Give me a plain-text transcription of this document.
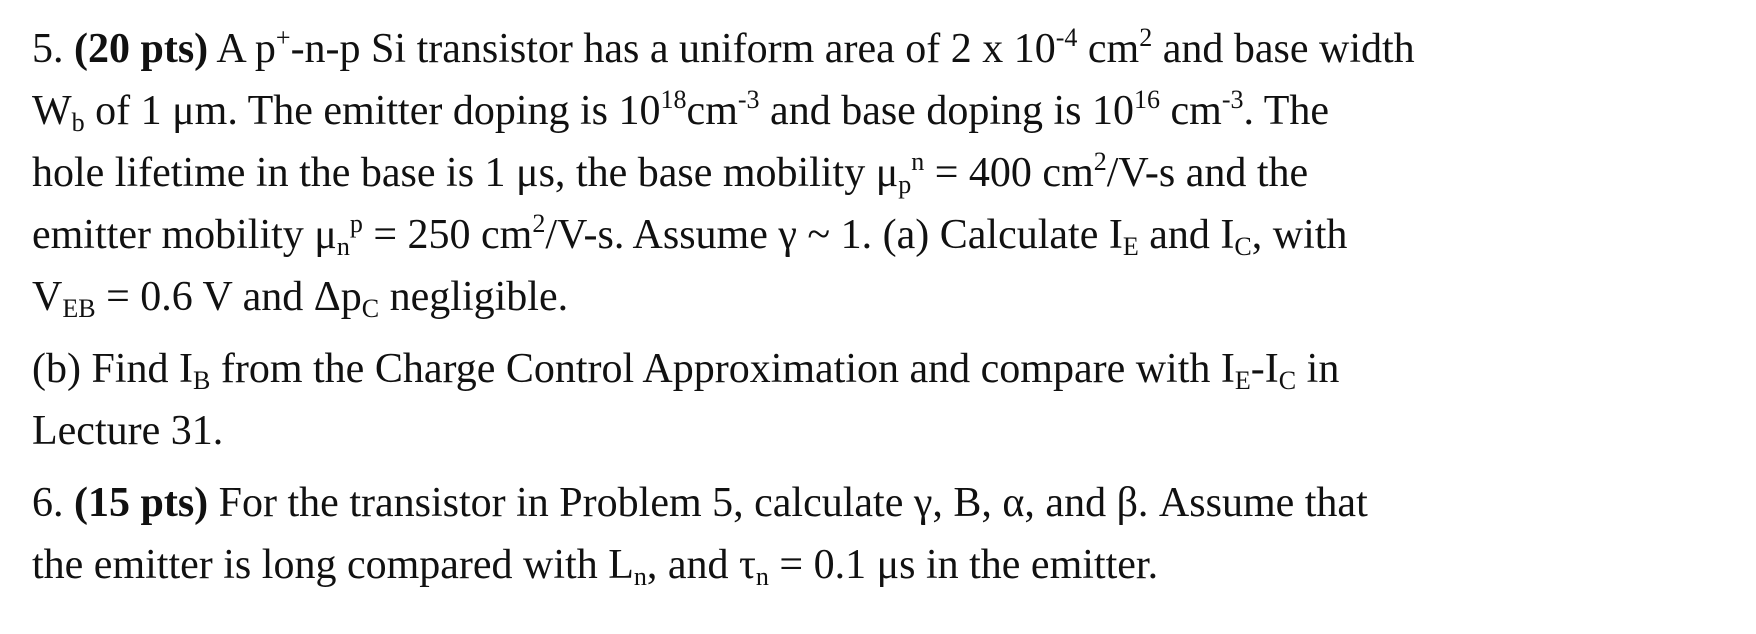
5. (20 pts) A p+-n-p Si transistor has a uniform area of 2 x $10^{-4}$ $cm^2$ and base width
$W_b$ of 1 μm. The emitter doping is $10^{18}cm^{-3}$ and base doping is $10^{16}$ $cm^{-3}$. The
hole lifetime in the base is 1 μs, the base mobility $\mu_p^n = 400$ $cm^2/V-s$ and the
emitter mobility $\mu_n^p = 250$ $cm^2/V-s$. Assume γ ~ 1. (a) Calculate $I_E$ and $I_C$, with
$V_{EB} = 0.6$ V and $\Delta p_C$ negligible.

(b) Find $I_B$ from the Charge Control Approximation and compare with $I_E-I_C$ in
Lecture 31.

6. (15 pts) For the transistor in Problem 5, calculate γ, B, α, and β. Assume that
the emitter is long compared with $L_n$, and $\tau_n = 0.1$ μs in the emitter.
